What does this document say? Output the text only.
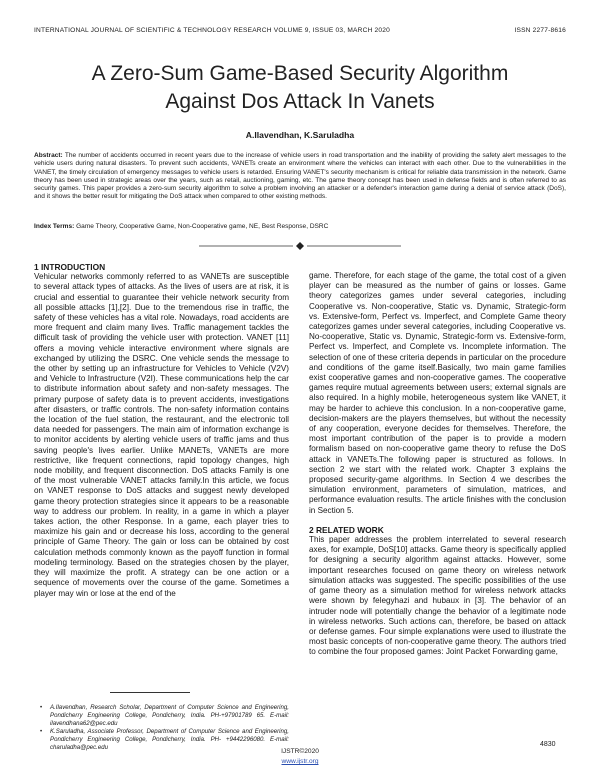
INTERNATIONAL JOURNAL OF SCIENTIFIC & TECHNOLOGY RESEARCH VOLUME 9, ISSUE 03, MARCH 2020	ISSN 2277-8616
A Zero-Sum Game-Based Security Algorithm
Against Dos Attack In Vanets
A.Ilavendhan, K.Saruladha
Abstract: The number of accidents occurred in recent years due to the increase of vehicle users in road transportation and the inability of providing the safety alert messages to the vehicle users during natural disasters. To prevent such accidents, VANETs create an environment where the vehicles can interact with each other. Due to the vulnerabilities in the VANET, the timely circulation of emergency messages to vehicle users is retarded. Ensuring VANET's security mechanism is critical for reliable data transmission in the network. Game theory has been used in strategic areas over the years, such as retail, auctioning, gaming, etc. The game theory concept has been used in defense fields and is often referred to as security games. This paper provides a zero-sum security algorithm to solve a problem involving an attacker or a defender's interaction game during a denial of service attack (DoS), and it shows the better result for mitigating the DoS attack when compared to other existing methods.
Index Terms: Game Theory, Cooperative Game, Non-Cooperative game, NE, Best Response, DSRC
1 INTRODUCTION

Vehicular networks commonly referred to as VANETs are susceptible to several attack types of attacks. As the lives of users are at risk, it is crucial and essential to guarantee their vehicle network security from all possible attacks [1],[2]. Due to the tremendous rise in traffic, the safety of these vehicles has a vital role. Nowadays, road accidents are more frequent and claim many lives. Traffic management tackles the difficult task of providing the vehicle user with protection. VANET [11] offers a moving vehicle interactive environment where signals are exchanged by utilizing the DSRC. One vehicle sends the message to the other by setting up an infrastructure for Vehicles to Vehicle (V2V) and Vehicle to Infrastructure (V2I). These communications help the car to distribute information about safety and non-safety messages. The primary purpose of safety data is to prevent accidents, investigations after disasters, or traffic controls. The non-safety information contains the location of the fuel station, the restaurant, and the electronic toll data needed for passengers. The main aim of information exchange is to monitor accidents by alerting vehicle users of traffic jams and thus saving people's lives earlier. Unlike MANETs, VANETs are more restrictive, like frequent connections, rapid topology changes, high node mobility, and frequent disconnection. DoS attacks Family is one of the most vulnerable VANET attacks family.In this article, we focus on VANET response to DoS attacks and suggest newly developed game theory protection strategies since it appears to be a reasonable way to address our problem. In reality, in a game in which a player takes action, the other Response. In a game, each player tries to maximize his gain and or decrease his loss, according to the general principle of Game Theory. The gain or loss can be obtained by cost calculation methods commonly known as the payoff function in formal modeling terminology. Based on the strategies chosen by the player, they will maximize the profit. A strategy can be one action or a sequence of movements over the course of the game. Sometimes a player may win or lose at the end of the

game. Therefore, for each stage of the game, the total cost of a given player can be measured as the number of gains or losses. Game theory categorizes games under several categories, including Cooperative vs. Non-cooperative, Static vs. Dynamic, Strategic-form vs. Extensive-form, Perfect vs. Imperfect, and Complete Game theory categorizes games under several categories, including Cooperative vs. No-cooperative, Static vs. Dynamic, Strategic-form vs. Extensive-form, Perfect vs. Imperfect, and Complete vs. Incomplete information. The selection of one of these criteria depends in particular on the procedure and conditions of the game itself.Basically, two main game families exist cooperative games and non-cooperative games. The cooperative games require mutual agreements between users; external signals are also required. In a highly mobile, heterogeneous system like VANET, it may be harder to achieve this conclusion. In a non-cooperative game, decision-makers are the players themselves, but without the necessity of any cooperation, everyone decides for themselves. Therefore, the most important contribution of the paper is to provide a modern formalism based on non-cooperative game theory to refuse the DoS attack in VANETs.The following paper is structured as follows. In section 2 we start with the related work. Chapter 3 explains the proposed security-game algorithms. In Section 4 we describes the simulation environment, parameters of simulation, matrices, and performance evaluation results. The article finishes with the conclusion in Section 5.

2 RELATED WORK

This paper addresses the problem interrelated to several research axes, for example, DoS[10] attacks. Game theory is specifically applied for designing a security algorithm against attacks. However, some important researches focused on game theory on wireless network simulation attacks was suggested. The specific possibilities of the use of game theory as a simulation method for wireless network attacks were shown by felegyhazi and hubaux in [3]. The behavior of an intruder node will potentially change the behavior of a legitimate node in wireless networks. Such actions can, therefore, be based on attack or defense games. Four simple explanations were used to illustrate the most basic concepts of non-cooperative game theory. The authors tried to combine the four proposed games: Joint Packet Forwarding game,

• A.Ilavendhan, Research Scholar, Department of Computer Science and Engineering, Pondicherry Engineering College, Pondicherry, India. PH-+97901789 65. E-mail: ilavendhana62@pec.edu
• K.Saruladha, Associate Professor, Department of Computer Science and Engineering, Pondicherry Engineering College, Pondicherry, India. PH- +9442296080. E-mail: charuladha@pec.edu	4830
IJSTR©2020
www.ijstr.org
